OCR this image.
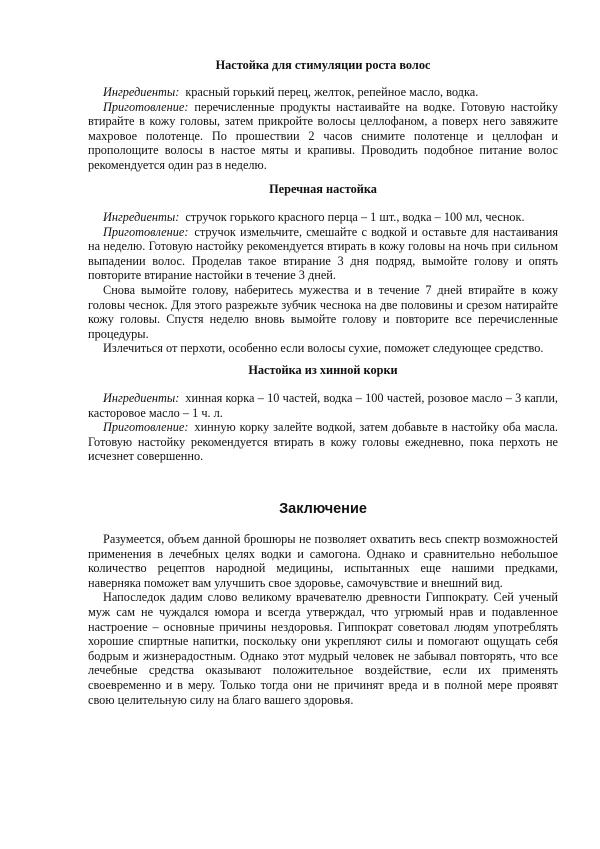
Настойка для стимуляции роста волос

Ингредиенты: красный горький перец, желток, репейное масло, водка.

Приготовление: перечисленные продукты настаивайте на водке. Готовую настойку втирайте в кожу головы, затем прикройте волосы целлофаном, а поверх него завяжите махровое полотенце. По прошествии 2 часов снимите полотенце и целлофан и прополощите волосы в настое мяты и крапивы. Проводить подобное питание волос рекомендуется один раз в неделю.

Перечная настойка

Ингредиенты: стручок горького красного перца – 1 шт., водка – 100 мл, чеснок.

Приготовление: стручок измельчите, смешайте с водкой и оставьте для настаивания на неделю. Готовую настойку рекомендуется втирать в кожу головы на ночь при сильном выпадении волос. Проделав такое втирание 3 дня подряд, вымойте голову и опять повторите втирание настойки в течение 3 дней.

Снова вымойте голову, наберитесь мужества и в течение 7 дней втирайте в кожу головы чеснок. Для этого разрежьте зубчик чеснока на две половины и срезом натирайте кожу головы. Спустя неделю вновь вымойте голову и повторите все перечисленные процедуры.

Излечиться от перхоти, особенно если волосы сухие, поможет следующее средство.

Настойка из хинной корки

Ингредиенты: хинная корка – 10 частей, водка – 100 частей, розовое масло – 3 капли, касторовое масло – 1 ч. л.

Приготовление: хинную корку залейте водкой, затем добавьте в настойку оба масла. Готовую настойку рекомендуется втирать в кожу головы ежедневно, пока перхоть не исчезнет совершенно.

Заключение

Разумеется, объем данной брошюры не позволяет охватить весь спектр возможностей применения в лечебных целях водки и самогона. Однако и сравнительно небольшое количество рецептов народной медицины, испытанных еще нашими предками, наверняка поможет вам улучшить свое здоровье, самочувствие и внешний вид.

Напоследок дадим слово великому врачевателю древности Гиппократу. Сей ученый муж сам не чуждался юмора и всегда утверждал, что угрюмый нрав и подавленное настроение – основные причины нездоровья. Гиппократ советовал людям употреблять хорошие спиртные напитки, поскольку они укрепляют силы и помогают ощущать себя бодрым и жизнерадостным. Однако этот мудрый человек не забывал повторять, что все лечебные средства оказывают положительное воздействие, если их применять своевременно и в меру. Только тогда они не причинят вреда и в полной мере проявят свою целительную силу на благо вашего здоровья.
